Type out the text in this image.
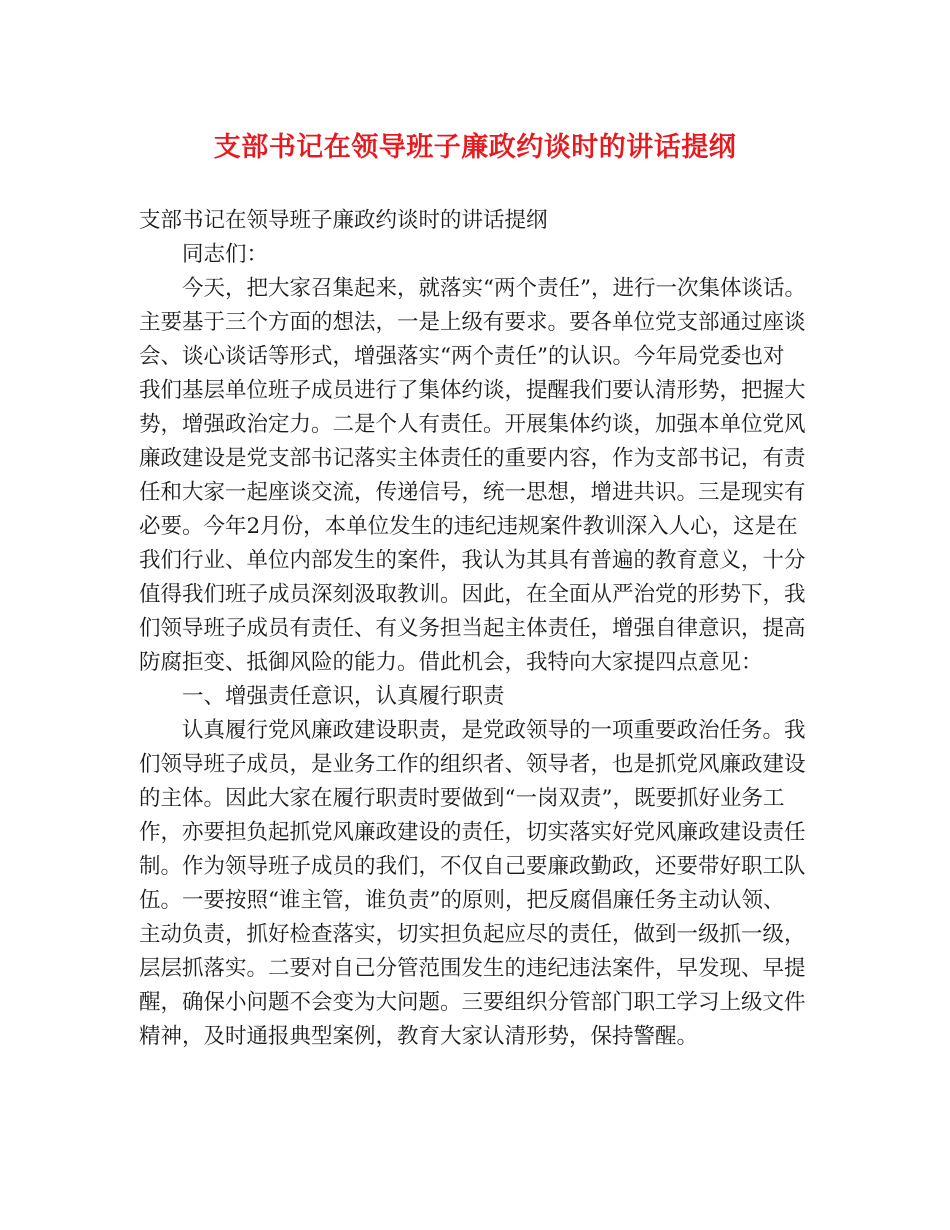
支部书记在领导班子廉政约谈时的讲话提纲
支部书记在领导班子廉政约谈时的讲话提纲
同志们：
今天，把大家召集起来，就落实“两个责任”，进行一次集体谈话。
主要基于三个方面的想法，一是上级有要求。要各单位党支部通过座谈
会、谈心谈话等形式，增强落实“两个责任”的认识。今年局党委也对
我们基层单位班子成员进行了集体约谈，提醒我们要认清形势，把握大
势，增强政治定力。二是个人有责任。开展集体约谈，加强本单位党风
廉政建设是党支部书记落实主体责任的重要内容，作为支部书记，有责
任和大家一起座谈交流，传递信号，统一思想，增进共识。三是现实有
必要。今年2月份，本单位发生的违纪违规案件教训深入人心，这是在
我们行业、单位内部发生的案件，我认为其具有普遍的教育意义，十分
值得我们班子成员深刻汲取教训。因此，在全面从严治党的形势下，我
们领导班子成员有责任、有义务担当起主体责任，增强自律意识，提高
防腐拒变、抵御风险的能力。借此机会，我特向大家提四点意见：
一、增强责任意识，认真履行职责
认真履行党风廉政建设职责，是党政领导的一项重要政治任务。我
们领导班子成员，是业务工作的组织者、领导者，也是抓党风廉政建设
的主体。因此大家在履行职责时要做到“一岗双责”，既要抓好业务工
作，亦要担负起抓党风廉政建设的责任，切实落实好党风廉政建设责任
制。作为领导班子成员的我们，不仅自己要廉政勤政，还要带好职工队
伍。一要按照“谁主管，谁负责”的原则，把反腐倡廉任务主动认领、
主动负责，抓好检查落实，切实担负起应尽的责任，做到一级抓一级，
层层抓落实。二要对自己分管范围发生的违纪违法案件，早发现、早提
醒，确保小问题不会变为大问题。三要组织分管部门职工学习上级文件
精神，及时通报典型案例，教育大家认清形势，保持警醒。
